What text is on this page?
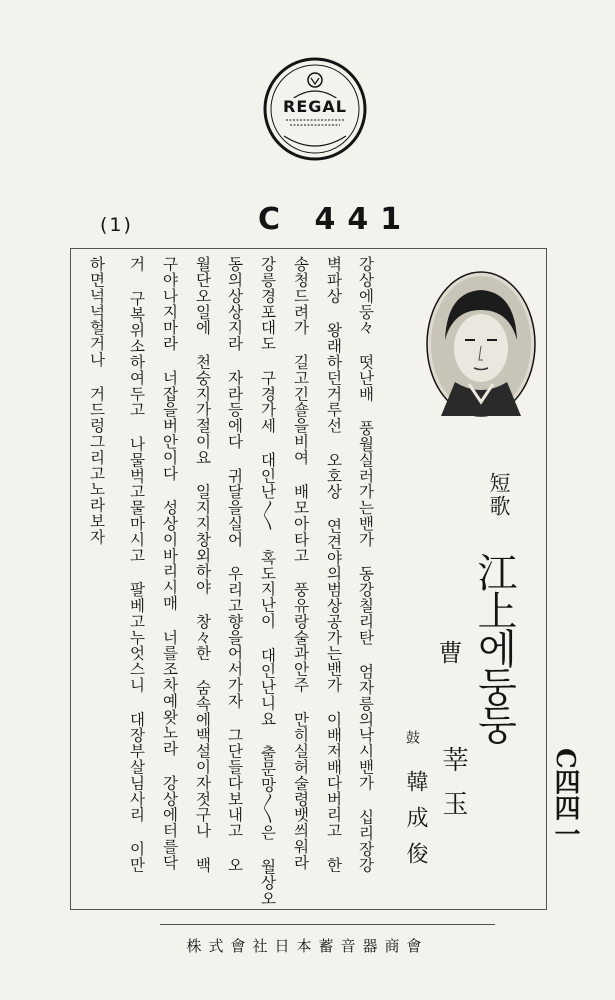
REGAL
(1)	C 441
短歌
江上에둥둥
曹
鼓
莘玉
韓成俊	C四四一
강상에둥々 떳난배 풍월실러가는밴가 동강칠리탄 엄자릉의낙시밴가 십리장강
벽파상 왕래하던거루선 오호상 연견야의범상공가는밴가 이배저배다버리고 한
송청드려가 길고긴숄을비여 배모아타고 풍유랑술과안주 만히실허술령뱃씌워라
강릉경포대도 구경가세 대인난〳〵 혹도지난이 대인난니요 출문망〳〵은 월상오
동의상상지라 자라등에다 귀달을실어 우리고향을어서가자 그단들다보내고 오
월단오일에 천숭지가절이요 일지지창외하야 창々한 숨속에백설이자젓구나 백
구야나지마라 너잡을버안이다 성상이바리시매 너를조차예왓노라 강상에터를닥
거 구복위소하여두고 나물벅고물마시고 팔베고누엇스니 대장부살님사리 이만
하면넉넉헐거나 거드렁그리고노라보자
株式會社日本蓄音器商會
